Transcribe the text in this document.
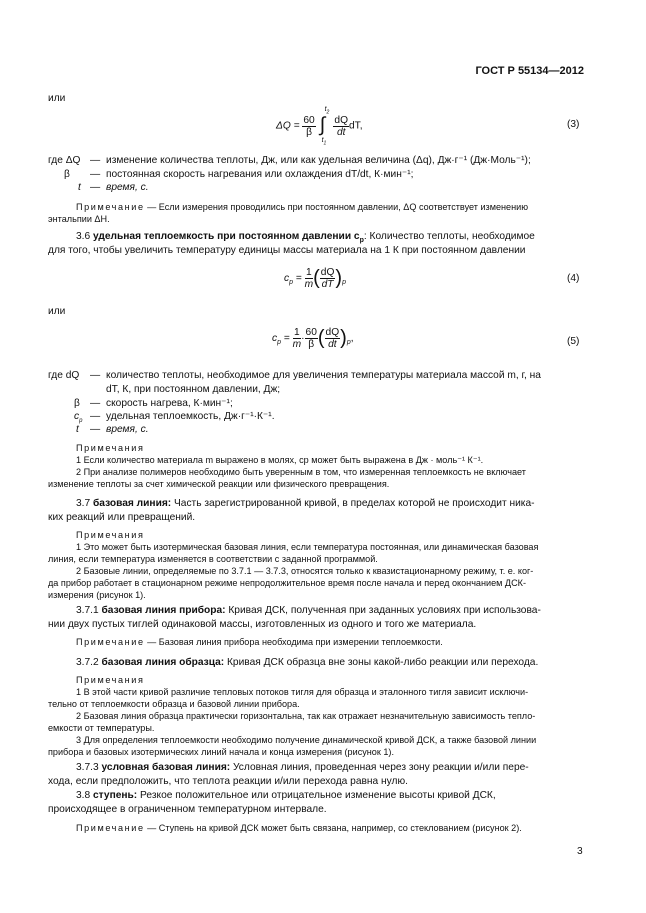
ГОСТ Р 55134—2012
или
$\Delta Q = \frac{60}{\beta}$
∫
$t_2$
$t_1$

$\frac{dQ}{dt}$ dT,	(3)
где ΔQ — изменение количества теплоты, Дж, или как удельная величина (Δq), Дж·г⁻¹ (Дж·Моль⁻¹);
β — постоянная скорость нагревания или охлаждения dT/dt, К·мин⁻¹;
t — время, с.
Примечание — Если измерения проводились при постоянном давлении, ΔQ соответствует изменению
энтальпии ΔH.
3.6 удельная теплоемкость при постоянном давлении $c_p$: Количество теплоты, необходимое
для того, чтобы увеличить температуру единицы массы материала на 1 К при постоянном давлении
$c_p = \frac{1}{m}$ ( $\frac{dQ}{dT} )_p$	(4)
или
$c_p = \frac{1}{m} \cdot \frac{60}{\beta}$ ( $\frac{dQ}{dt} )_p$,	(5)
где dQ — количество теплоты, необходимое для увеличения температуры материала массой m, г, на
dT, К, при постоянном давлении, Дж;
β — скорость нагрева, К·мин⁻¹;
$c_p$ — удельная теплоемкость, Дж·г⁻¹·К⁻¹.
t — время, с.
Примечания
1 Если количество материала m выражено в молях, cp может быть выражена в Дж · моль⁻¹ К⁻¹.
2 При анализе полимеров необходимо быть уверенным в том, что измеренная теплоемкость не включает
изменение теплоты за счет химической реакции или физического превращения.
3.7 базовая линия: Часть зарегистрированной кривой, в пределах которой не происходит ника-
ких реакций или превращений.
Примечания
1 Это может быть изотермическая базовая линия, если температура постоянная, или динамическая базовая
линия, если температура изменяется в соответствии с заданной программой.
2 Базовые линии, определяемые по 3.7.1 — 3.7.3, относятся только к квазистационарному режиму, т. е. ког-
да прибор работает в стационарном режиме непродолжительное время после начала и перед окончанием ДСК-
измерения (рисунок 1).
3.7.1 базовая линия прибора: Кривая ДСК, полученная при заданных условиях при использова-
нии двух пустых тиглей одинаковой массы, изготовленных из одного и того же материала.
Примечание — Базовая линия прибора необходима при измерении теплоемкости.
3.7.2 базовая линия образца: Кривая ДСК образца вне зоны какой-либо реакции или перехода.
Примечания
1 В этой части кривой различие тепловых потоков тигля для образца и эталонного тигля зависит исключи-
тельно от теплоемкости образца и базовой линии прибора.
2 Базовая линия образца практически горизонтальна, так как отражает незначительную зависимость тепло-
емкости от температуры.
3 Для определения теплоемкости необходимо получение динамической кривой ДСК, а также базовой линии
прибора и базовых изотермических линий начала и конца измерения (рисунок 1).
3.7.3 условная базовая линия: Условная линия, проведенная через зону реакции и/или пере-
хода, если предположить, что теплота реакции и/или перехода равна нулю.
3.8 ступень: Резкое положительное или отрицательное изменение высоты кривой ДСК,
происходящее в ограниченном температурном интервале.
Примечание — Ступень на кривой ДСК может быть связана, например, со стеклованием (рисунок 2).
3
